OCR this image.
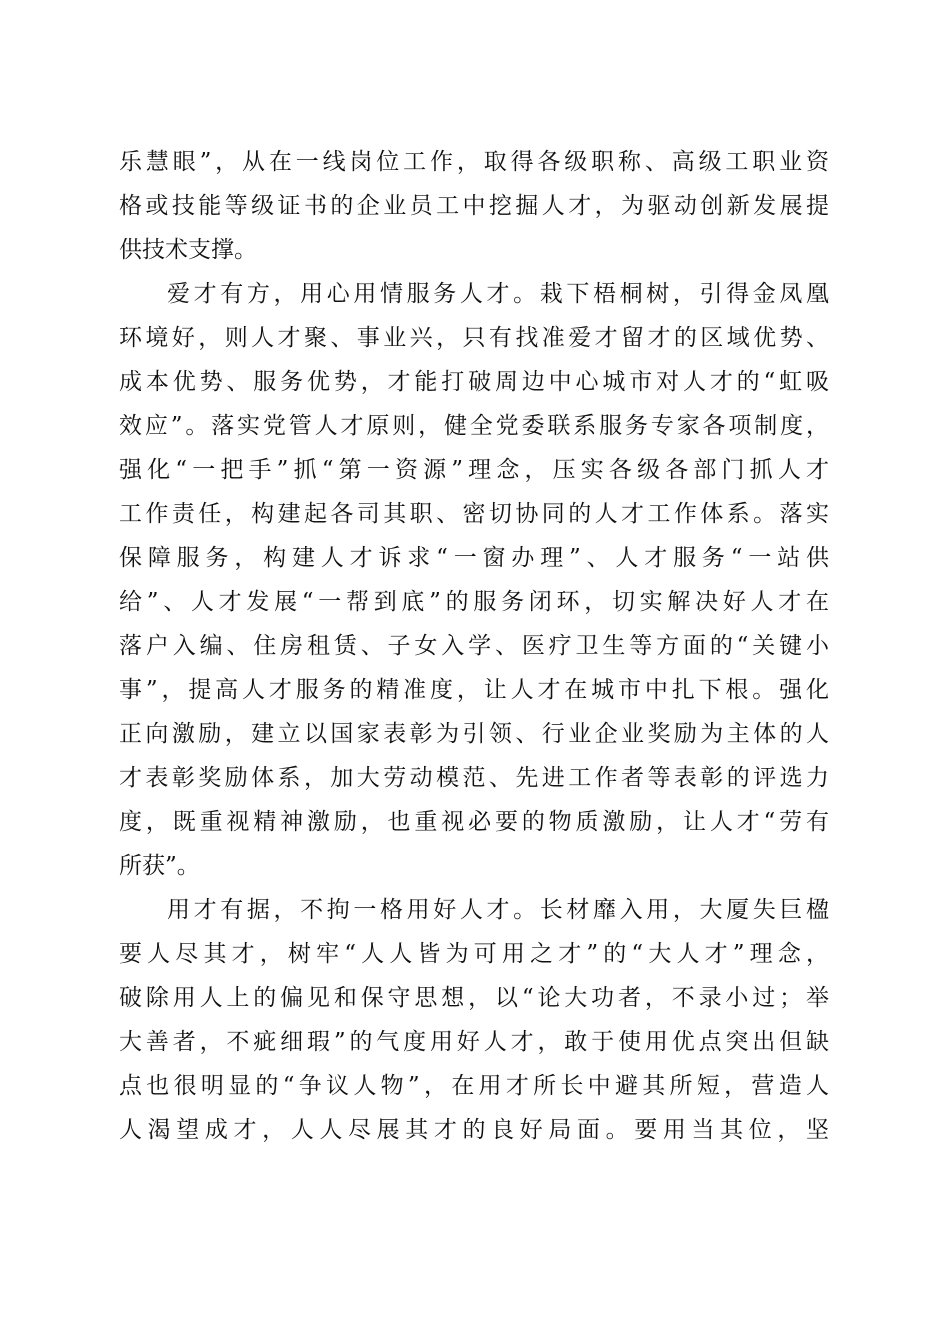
乐慧眼”，从在一线岗位工作，取得各级职称、高级工职业资
格或技能等级证书的企业员工中挖掘人才，为驱动创新发展提
供技术支撑。
爱才有方，用心用情服务人才。栽下梧桐树，引得金凤凰
环境好，则人才聚、事业兴，只有找准爱才留才的区域优势、
成本优势、服务优势，才能打破周边中心城市对人才的“虹吸
效应”。落实党管人才原则，健全党委联系服务专家各项制度，
强化“一把手”抓“第一资源”理念，压实各级各部门抓人才
工作责任，构建起各司其职、密切协同的人才工作体系。落实
保障服务，构建人才诉求“一窗办理”、人才服务“一站供
给”、人才发展“一帮到底”的服务闭环，切实解决好人才在
落户入编、住房租赁、子女入学、医疗卫生等方面的“关键小
事”，提高人才服务的精准度，让人才在城市中扎下根。强化
正向激励，建立以国家表彰为引领、行业企业奖励为主体的人
才表彰奖励体系，加大劳动模范、先进工作者等表彰的评选力
度，既重视精神激励，也重视必要的物质激励，让人才“劳有
所获”。
用才有据，不拘一格用好人才。长材靡入用，大厦失巨楹
要人尽其才，树牢“人人皆为可用之才”的“大人才”理念，
破除用人上的偏见和保守思想，以“论大功者，不录小过；举
大善者，不疵细瑕”的气度用好人才，敢于使用优点突出但缺
点也很明显的“争议人物”，在用才所长中避其所短，营造人
人渴望成才，人人尽展其才的良好局面。要用当其位，坚
